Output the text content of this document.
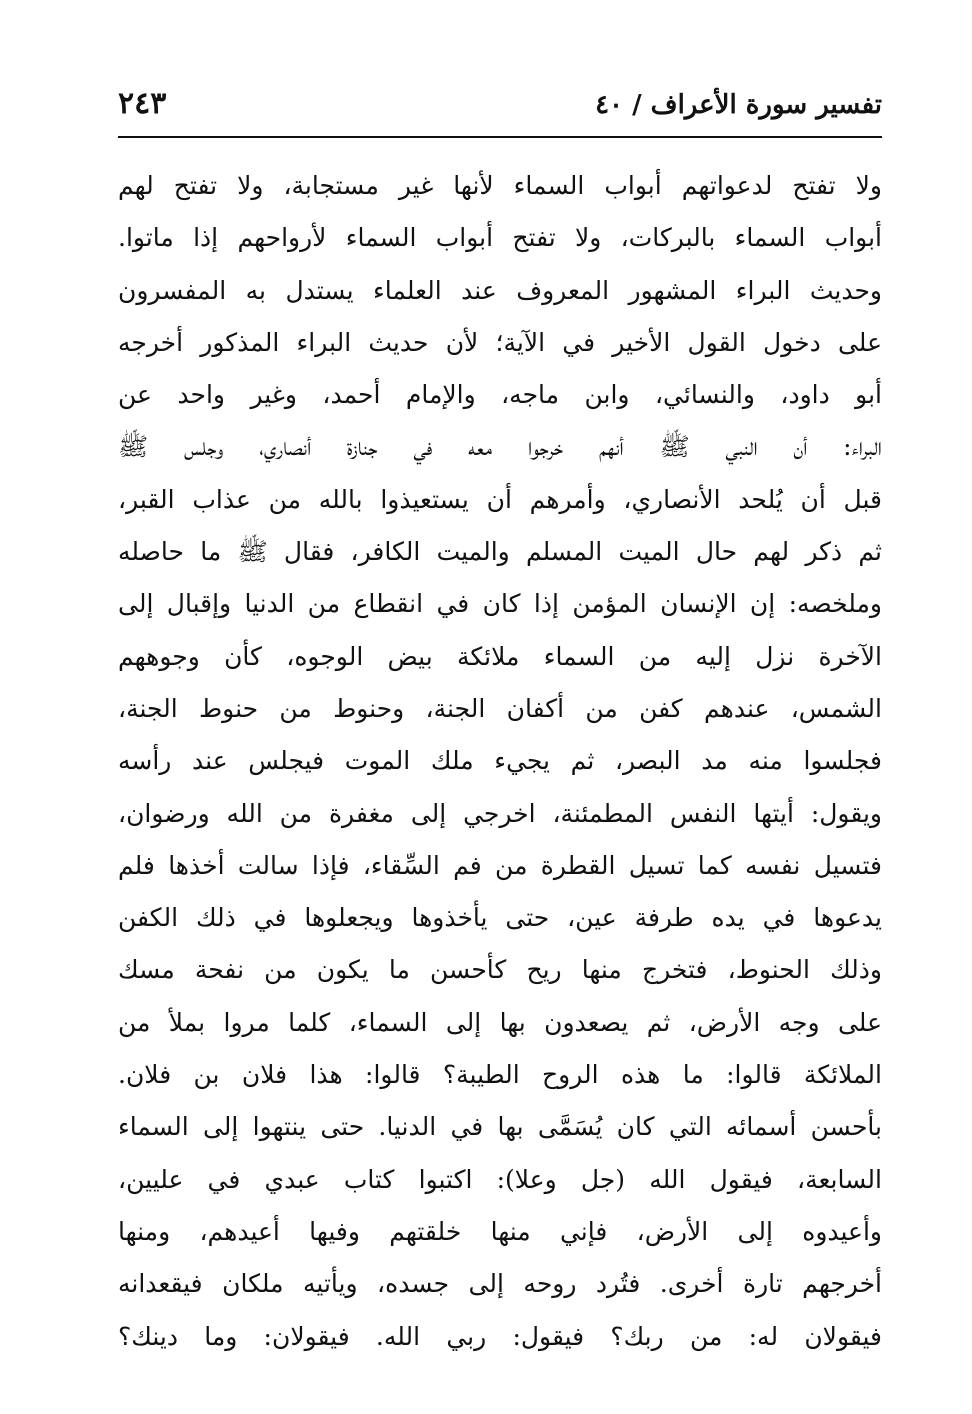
تفسير سورة الأعراف / ٤٠
٢٤٣
ولا تفتح لدعواتهم أبواب السماء لأنها غير مستجابة، ولا تفتح لهم
أبواب السماء بالبركات، ولا تفتح أبواب السماء لأرواحهم إذا ماتوا.
وحديث البراء المشهور المعروف عند العلماء يستدل به المفسرون
على دخول القول الأخير في الآية؛ لأن حديث البراء المذكور أخرجه
أبو داود، والنسائي، وابن ماجه، والإمام أحمد، وغير واحد عن
البراء: أن النبي ﷺ أنهم خرجوا معه في جنازة أنصاري، وجلس ﷺ
قبل أن يُلحد الأنصاري، وأمرهم أن يستعيذوا بالله من عذاب القبر،
ثم ذكر لهم حال الميت المسلم والميت الكافر، فقال ﷺ ما حاصله
وملخصه: إن الإنسان المؤمن إذا كان في انقطاع من الدنيا وإقبال إلى
الآخرة نزل إليه من السماء ملائكة بيض الوجوه، كأن وجوههم
الشمس، عندهم كفن من أكفان الجنة، وحنوط من حنوط الجنة،
فجلسوا منه مد البصر، ثم يجيء ملك الموت فيجلس عند رأسه
ويقول: أيتها النفس المطمئنة، اخرجي إلى مغفرة من الله ورضوان،
فتسيل نفسه كما تسيل القطرة من فم السِّقاء، فإذا سالت أخذها فلم
يدعوها في يده طرفة عين، حتى يأخذوها ويجعلوها في ذلك الكفن
وذلك الحنوط، فتخرج منها ريح كأحسن ما يكون من نفحة مسك
على وجه الأرض، ثم يصعدون بها إلى السماء، كلما مروا بملأ من
الملائكة قالوا: ما هذه الروح الطيبة؟ قالوا: هذا فلان بن فلان.
بأحسن أسمائه التي كان يُسَمَّى بها في الدنيا. حتى ينتهوا إلى السماء
السابعة، فيقول الله (جل وعلا): اكتبوا كتاب عبدي في عليين،
وأعيدوه إلى الأرض، فإني منها خلقتهم وفيها أعيدهم، ومنها
أخرجهم تارة أخرى. فتُرد روحه إلى جسده، ويأتيه ملكان فيقعدانه
فيقولان له: من ربك؟ فيقول: ربي الله. فيقولان: وما دينك؟
